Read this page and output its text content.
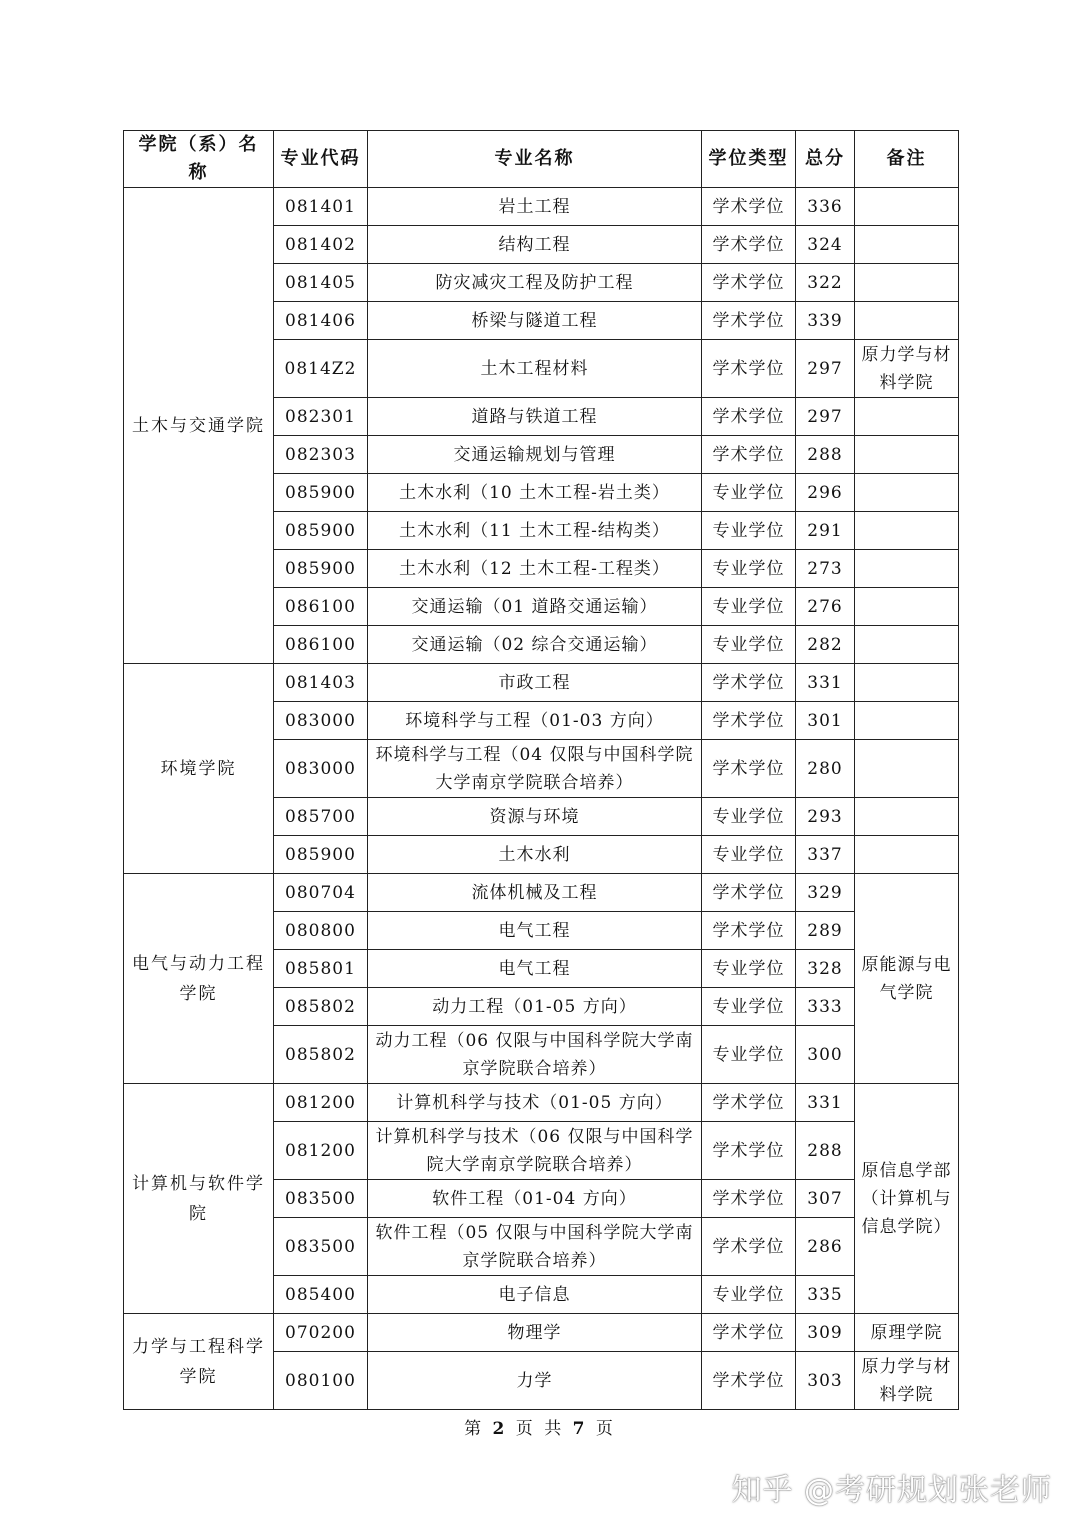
学院（系）名称	专业代码	专业名称	学位类型	总分	备注
土木与交通学院	081401	岩土工程	学术学位	336	
	081402	结构工程	学术学位	324	
	081405	防灾减灾工程及防护工程	学术学位	322	
	081406	桥梁与隧道工程	学术学位	339	
	0814Z2	土木工程材料	学术学位	297	原力学与材料学院
	082301	道路与铁道工程	学术学位	297	
	082303	交通运输规划与管理	学术学位	288	
	085900	土木水利（10 土木工程-岩土类）	专业学位	296	
	085900	土木水利（11 土木工程-结构类）	专业学位	291	
	085900	土木水利（12 土木工程-工程类）	专业学位	273	
	086100	交通运输（01 道路交通运输）	专业学位	276	
	086100	交通运输（02 综合交通运输）	专业学位	282	
环境学院	081403	市政工程	学术学位	331	
	083000	环境科学与工程（01-03 方向）	学术学位	301	
	083000	环境科学与工程（04 仅限与中国科学院大学南京学院联合培养）	学术学位	280	
	085700	资源与环境	专业学位	293	
	085900	土木水利	专业学位	337	
电气与动力工程学院	080704	流体机械及工程	学术学位	329	原能源与电气学院
	080800	电气工程	学术学位	289	
	085801	电气工程	专业学位	328	
	085802	动力工程（01-05 方向）	专业学位	333	
	085802	动力工程（06 仅限与中国科学院大学南京学院联合培养）	专业学位	300	
计算机与软件学院	081200	计算机科学与技术（01-05 方向）	学术学位	331	原信息学部（计算机与信息学院）
	081200	计算机科学与技术（06 仅限与中国科学院大学南京学院联合培养）	学术学位	288	
	083500	软件工程（01-04 方向）	学术学位	307	
	083500	软件工程（05 仅限与中国科学院大学南京学院联合培养）	学术学位	286	
	085400	电子信息	专业学位	335	
力学与工程科学学院	070200	物理学	学术学位	309	原理学院
	080100	力学	学术学位	303	原力学与材料学院
第 2 页 共 7 页
知乎 @考研规划张老师
